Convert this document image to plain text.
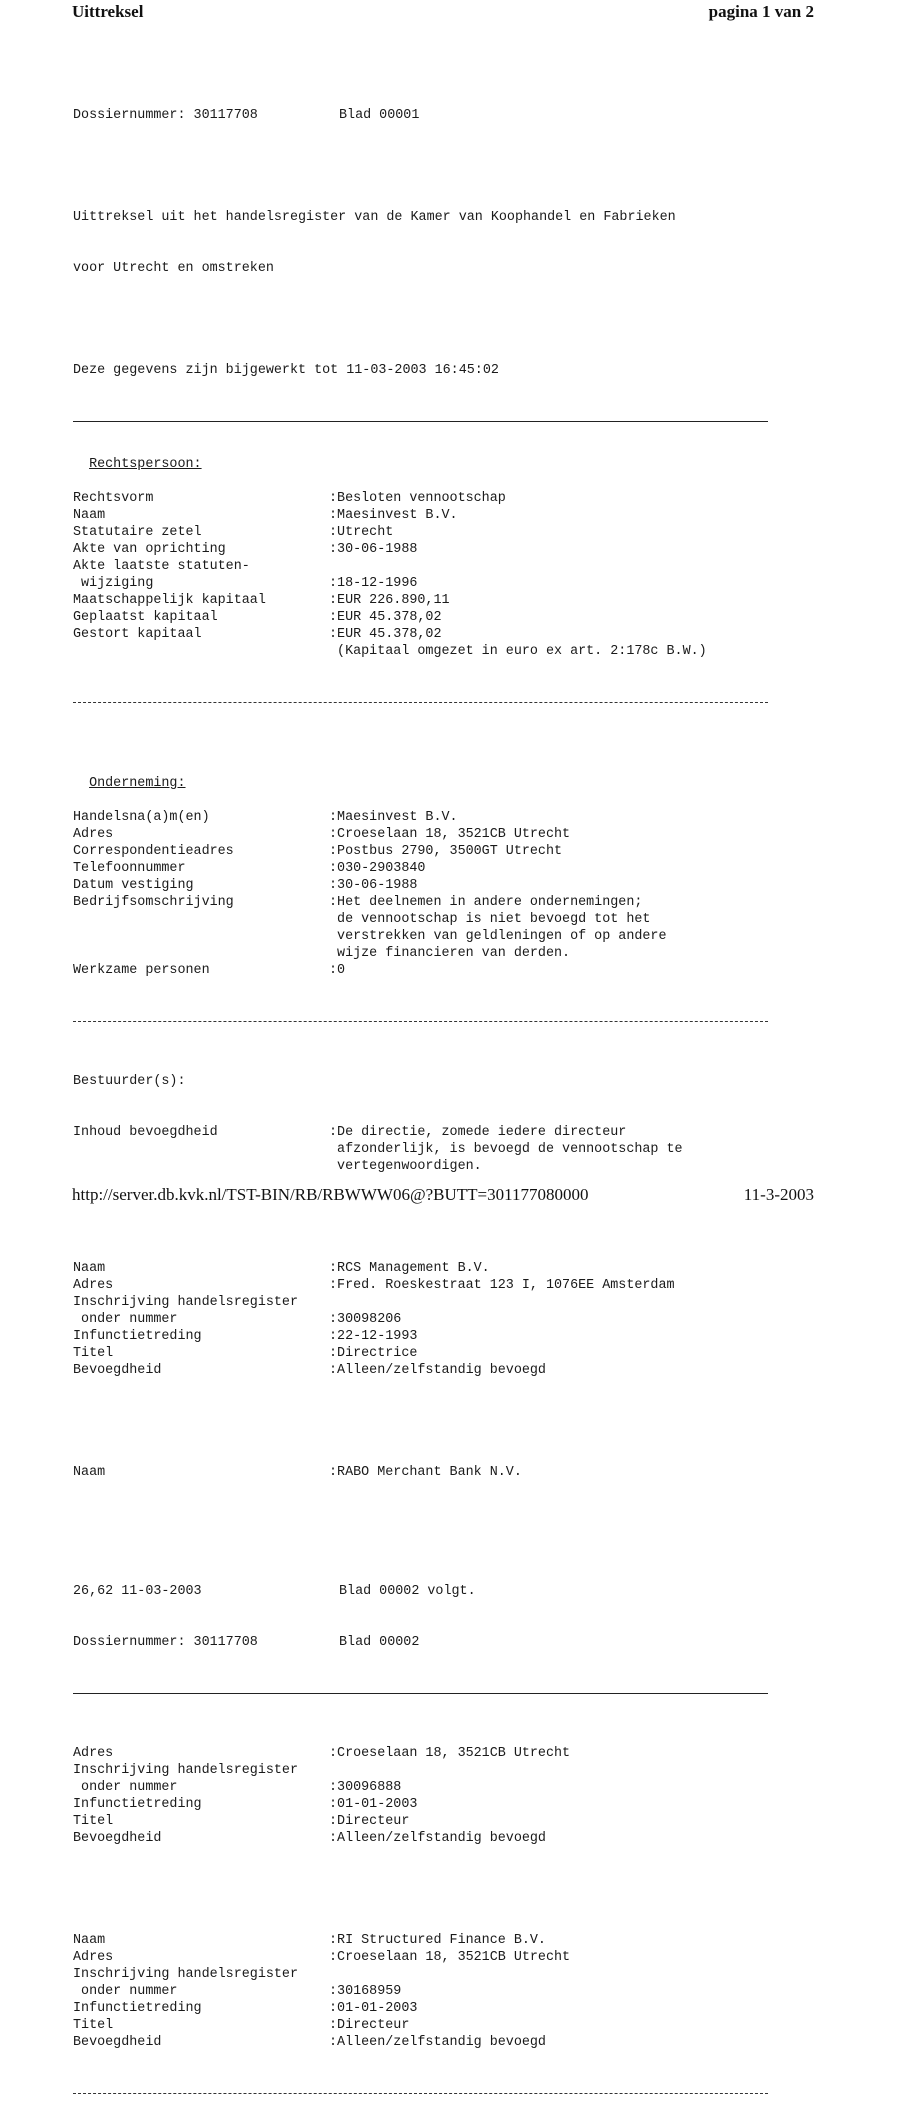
Uittreksel	pagina 1 van 2

Dossiernummer: 30117708	Blad 00001

Uittreksel uit het handelsregister van de Kamer van Koophandel en Fabrieken

voor Utrecht en omstreken

Deze gegevens zijn bijgewerkt tot 11-03-2003 16:45:02

Rechtspersoon:

Rechtsvorm	:Besloten vennootschap
Naam	:Maesinvest B.V.
Statutaire zetel	:Utrecht
Akte van oprichting	:30-06-1988
Akte laatste statuten-
wijziging	:18-12-1996
Maatschappelijk kapitaal	:EUR 226.890,11
Geplaatst kapitaal	:EUR 45.378,02
Gestort kapitaal	:EUR 45.378,02
(Kapitaal omgezet in euro ex art. 2:178c B.W.)

Onderneming:

Handelsna(a)m(en)	:Maesinvest B.V.
Adres	:Croeselaan 18, 3521CB Utrecht
Correspondentieadres	:Postbus 2790, 3500GT Utrecht
Telefoonnummer	:030-2903840
Datum vestiging	:30-06-1988
Bedrijfsomschrijving	:Het deelnemen in andere ondernemingen;
de vennootschap is niet bevoegd tot het
verstrekken van geldleningen of op andere
wijze financieren van derden.
Werkzame personen	:0

Bestuurder(s):

Inhoud bevoegdheid	:De directie, zomede iedere directeur
afzonderlijk, is bevoegd de vennootschap te
vertegenwoordigen.

Naam	:RCS Management B.V.
Adres	:Fred. Roeskestraat 123 I, 1076EE Amsterdam
Inschrijving handelsregister
onder nummer	:30098206
Infunctietreding	:22-12-1993
Titel	:Directrice
Bevoegdheid	:Alleen/zelfstandig bevoegd

Naam	:RABO Merchant Bank N.V.

26,62 11-03-2003	Blad 00002 volgt.

Dossiernummer: 30117708	Blad 00002

Adres	:Croeselaan 18, 3521CB Utrecht
Inschrijving handelsregister
onder nummer	:30096888
Infunctietreding	:01-01-2003
Titel	:Directeur
Bevoegdheid	:Alleen/zelfstandig bevoegd

Naam	:RI Structured Finance B.V.
Adres	:Croeselaan 18, 3521CB Utrecht
Inschrijving handelsregister
onder nummer	:30168959
Infunctietreding	:01-01-2003
Titel	:Directeur
Bevoegdheid	:Alleen/zelfstandig bevoegd

http://server.db.kvk.nl/TST-BIN/RB/RBWWW06@?BUTT=301177080000	11-3-2003
